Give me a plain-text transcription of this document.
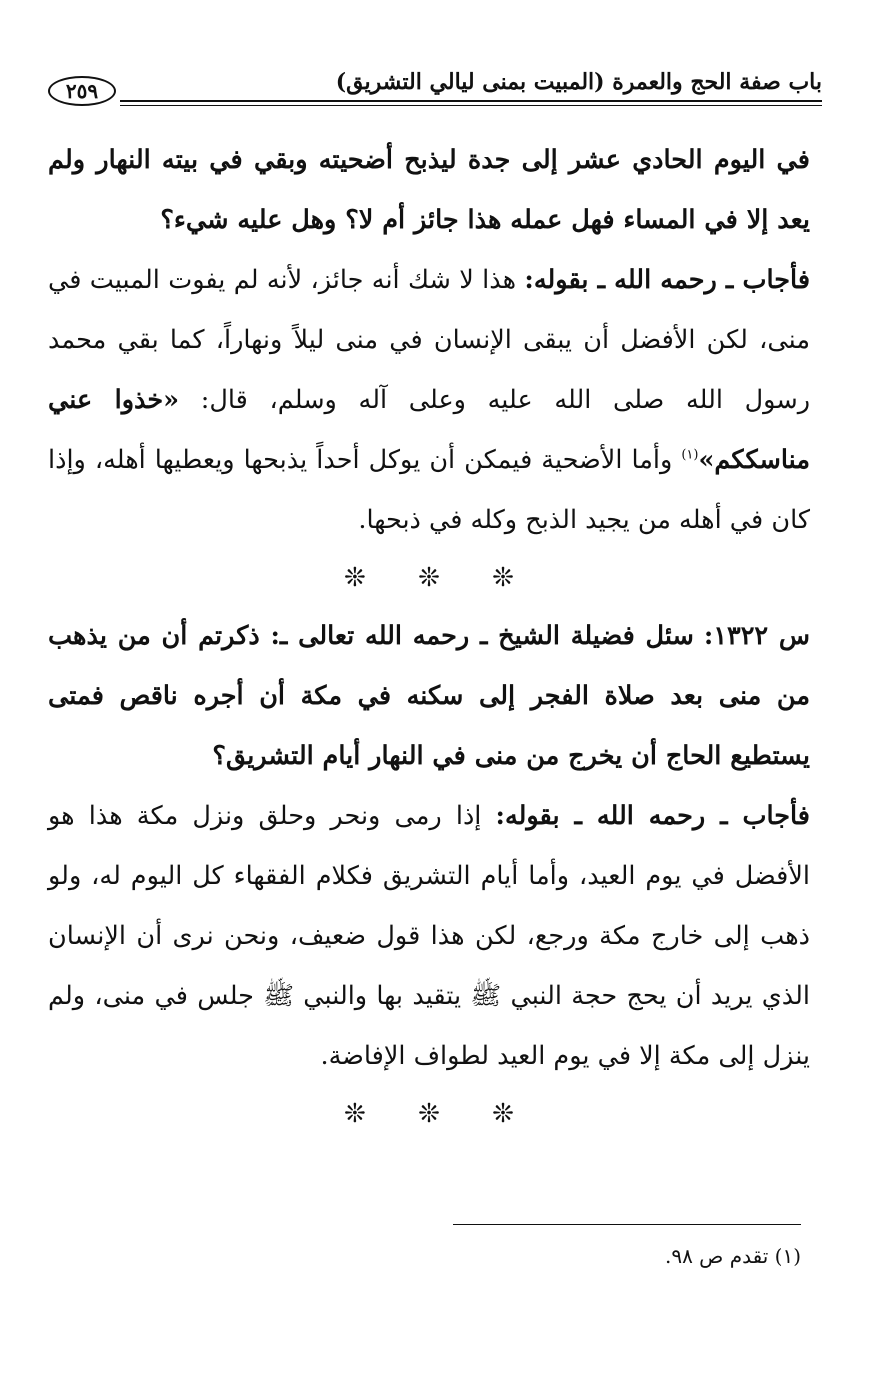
باب صفة الحج والعمرة (المبيت بمنى ليالي التشريق)
٢٥٩

في اليوم الحادي عشر إلى جدة ليذبح أضحيته وبقي في بيته النهار ولم يعد إلا في المساء فهل عمله هذا جائز أم لا؟ وهل عليه شيء؟

فأجاب ـ رحمه الله ـ بقوله: هذا لا شك أنه جائز، لأنه لم يفوت المبيت في منى، لكن الأفضل أن يبقى الإنسان في منى ليلاً ونهاراً، كما بقي محمد رسول الله صلى الله عليه وعلى آله وسلم، قال: «خذوا عني مناسككم»$^{(١)}$ وأما الأضحية فيمكن أن يوكل أحداً يذبحها ويعطيها أهله، وإذا كان في أهله من يجيد الذبح وكله في ذبحها.

❊ ❊ ❊

س ١٣٢٢: سئل فضيلة الشيخ ـ رحمه الله تعالى ـ: ذكرتم أن من يذهب من منى بعد صلاة الفجر إلى سكنه في مكة أن أجره ناقص فمتى يستطيع الحاج أن يخرج من منى في النهار أيام التشريق؟

فأجاب ـ رحمه الله ـ بقوله: إذا رمى ونحر وحلق ونزل مكة هذا هو الأفضل في يوم العيد، وأما أيام التشريق فكلام الفقهاء كل اليوم له، ولو ذهب إلى خارج مكة ورجع، لكن هذا قول ضعيف، ونحن نرى أن الإنسان الذي يريد أن يحج حجة النبي ﷺ يتقيد بها والنبي ﷺ جلس في منى، ولم ينزل إلى مكة إلا في يوم العيد لطواف الإفاضة.

❊ ❊ ❊
(١) تقدم ص ٩٨.
